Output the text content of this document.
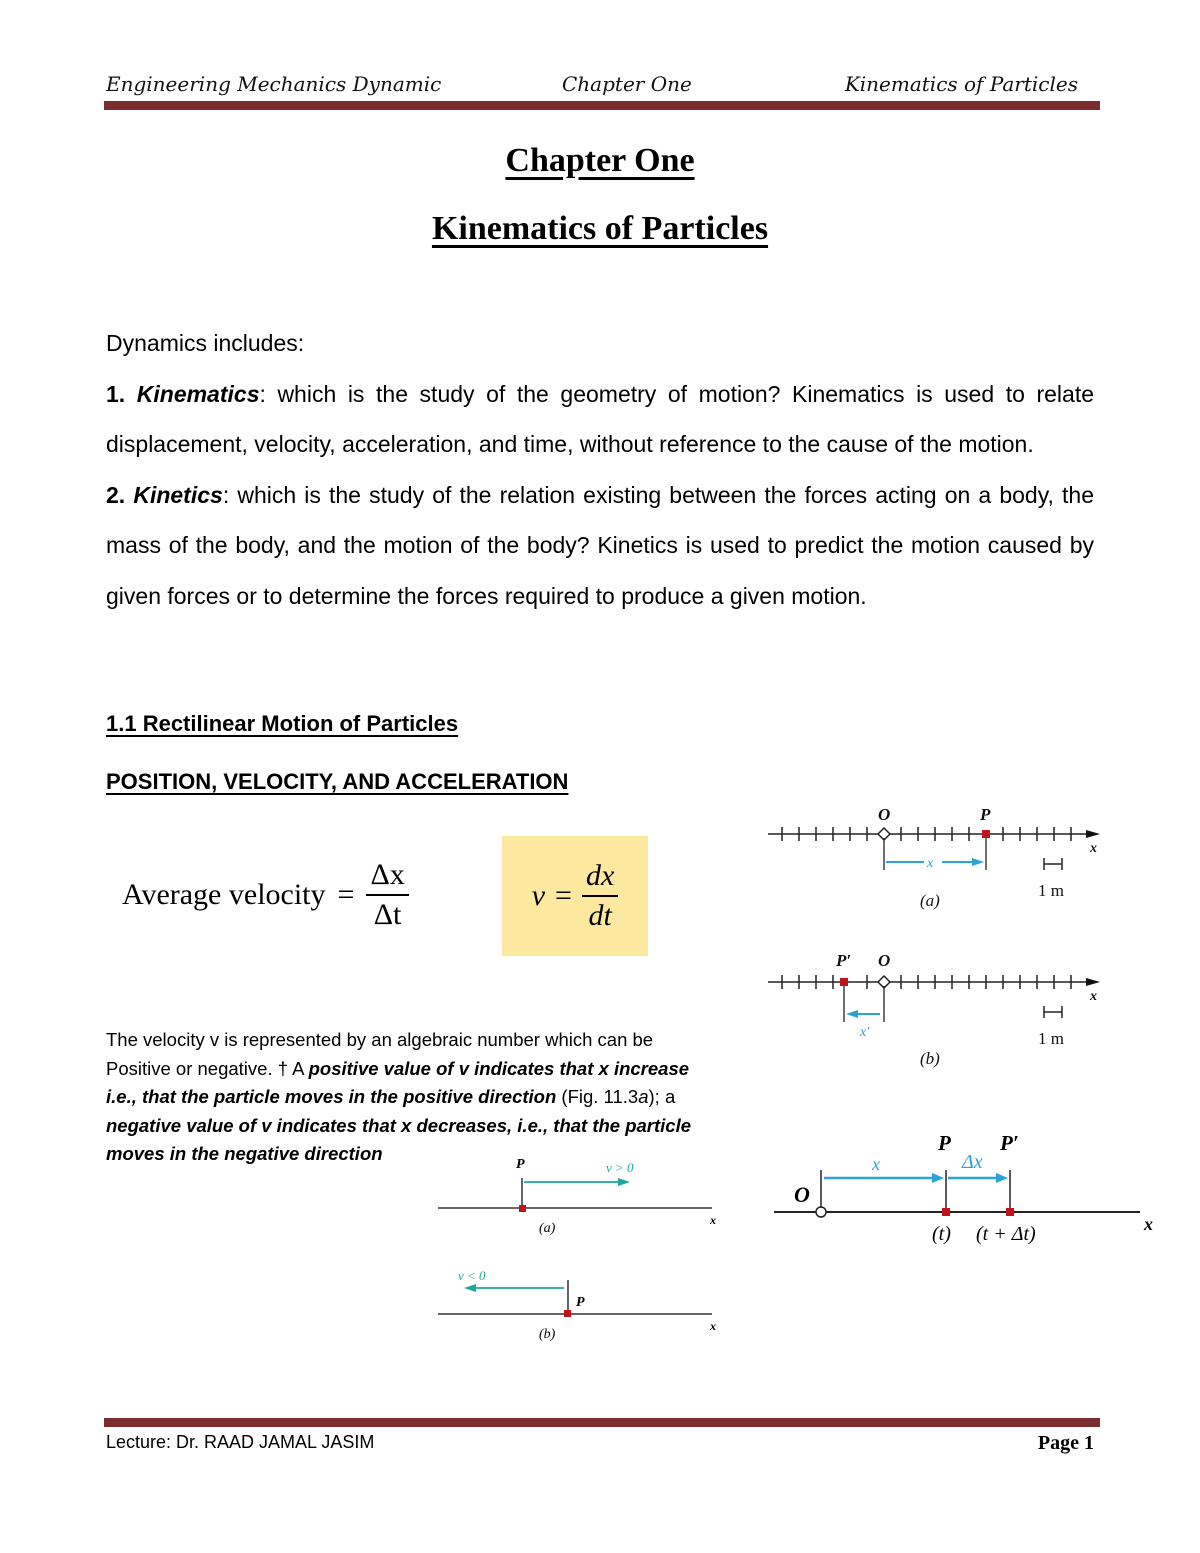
Engineering Mechanics Dynamic	Chapter One	Kinematics of Particles
Chapter One
Kinematics of Particles
Dynamics includes:
1. Kinematics: which is the study of the geometry of motion? Kinematics is used to relate displacement, velocity, acceleration, and time, without reference to the cause of the motion.
2. Kinetics: which is the study of the relation existing between the forces acting on a body, the mass of the body, and the motion of the body? Kinetics is used to predict the motion caused by given forces or to determine the forces required to produce a given motion.
1.1 Rectilinear Motion of Particles
POSITION, VELOCITY, AND ACCELERATION
Average velocity = $\frac{\Delta x}{\Delta t}$	$v = \frac{dx}{dt}$
The velocity v is represented by an algebraic number which can be
Positive or negative. † A positive value of v indicates that x increase
i.e., that the particle moves in the positive direction (Fig. 11.3a); a
negative value of v indicates that x decreases, i.e., that the particle
moves in the negative direction
O	P
x
x
1 m
(a)
P′ O
x
x′	1 m
(b)
O
x	Δx
P P′
(t) (t + Δt)	x
x
P	v > 0
(a)
x
P
v < 0
(b)
Lecture: Dr. RAAD JAMAL JASIM	Page 1
